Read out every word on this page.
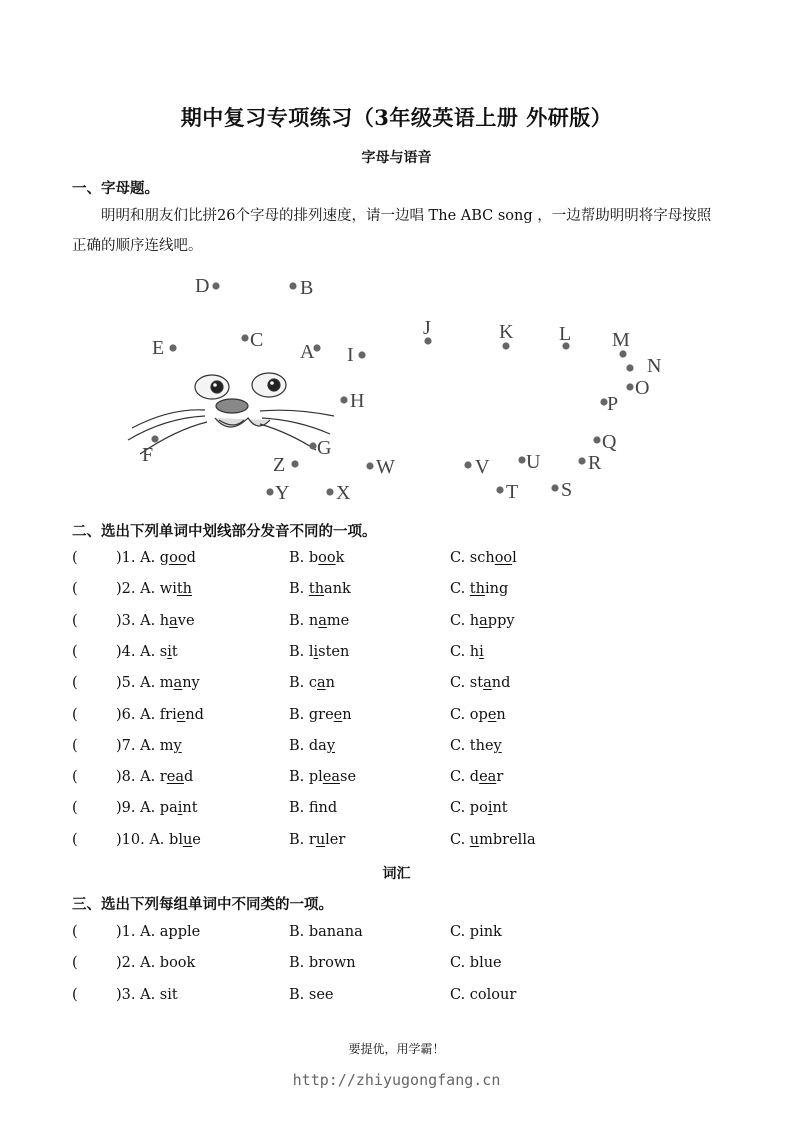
期中复习专项练习（3年级英语上册 外研版）
字母与语音
一、字母题。
明明和朋友们比拼26个字母的排列速度，请一边唱 The ABC song ，一边帮助明明将字母按照正确的顺序连线吧。
D	B
E	C
A I
J	K L M
N
O
P
H
Q
F	G
Z	W	V U R
S
T
Y X
二、选出下列单词中划线部分发音不同的一项。
(	)1. A. good	B. book	C. school
(	)2. A. with	B. thank	C. thing
(	)3. A. have	B. name	C. happy
(	)4. A. sit	B. listen	C. hi
(	)5. A. many	B. can	C. stand
(	)6. A. friend	B. green	C. open
(	)7. A. my	B. day	C. they
(	)8. A. read	B. please	C. dear
(	)9. A. paint	B. fnd	C. point
(	)10. A. blue	B. ruler	C. umbrella
词汇
三、选出下列每组单词中不同类的一项。
(	)1. A. apple	B. banana	C. pink
(	)2. A. book	B. brown	C. blue
(	)3. A. sit	B. see	C. colour
要提优，用学霸！
http://zhiyugongfang.cn
